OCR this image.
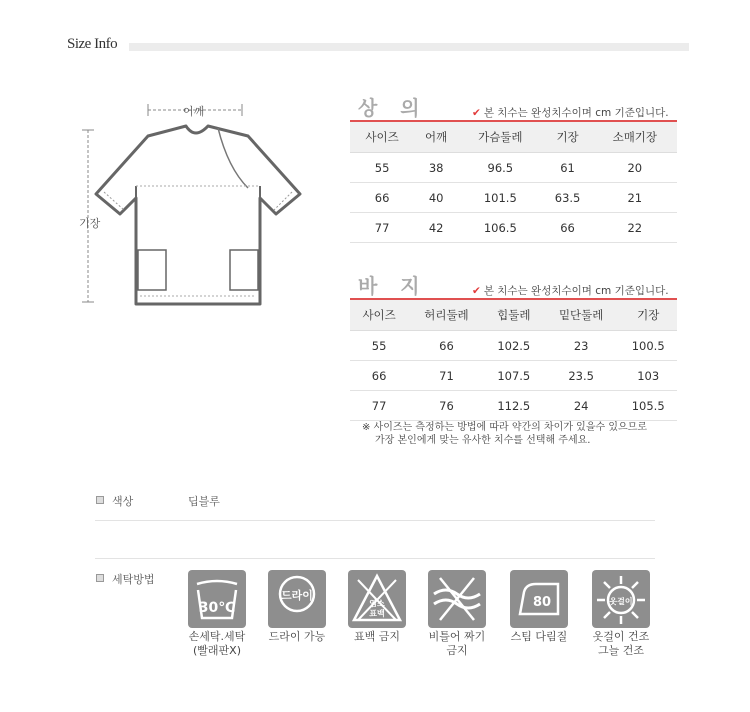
Size Info
어깨
기장
상 의	✔ 본 치수는 완성치수이며 cm 기준입니다.
사이즈	어깨	가슴둘레	기장	소매기장
55	38	96.5	61	20
66	40	101.5	63.5	21
77	42	106.5	66	22
바 지	✔ 본 치수는 완성치수이며 cm 기준입니다.
사이즈	허리둘레	힙둘레	밑단둘레	기장
55	66	102.5	23	100.5
66	71	107.5	23.5	103
77	76	112.5	24	105.5
※ 사이즈는 측정하는 방법에 따라 약간의 차이가 있을수 있으므로
가장 본인에게 맞는 유사한 치수를 선택해 주세요.
색상	딥블루
세탁방법
30℃
손세탁.세탁
(빨래판X)
드라이
드라이 가능
염소
표백
표백 금지	비틀어 짜기
금지
80
스팀 다림질
옷걸이
옷걸이 건조
그늘 건조
